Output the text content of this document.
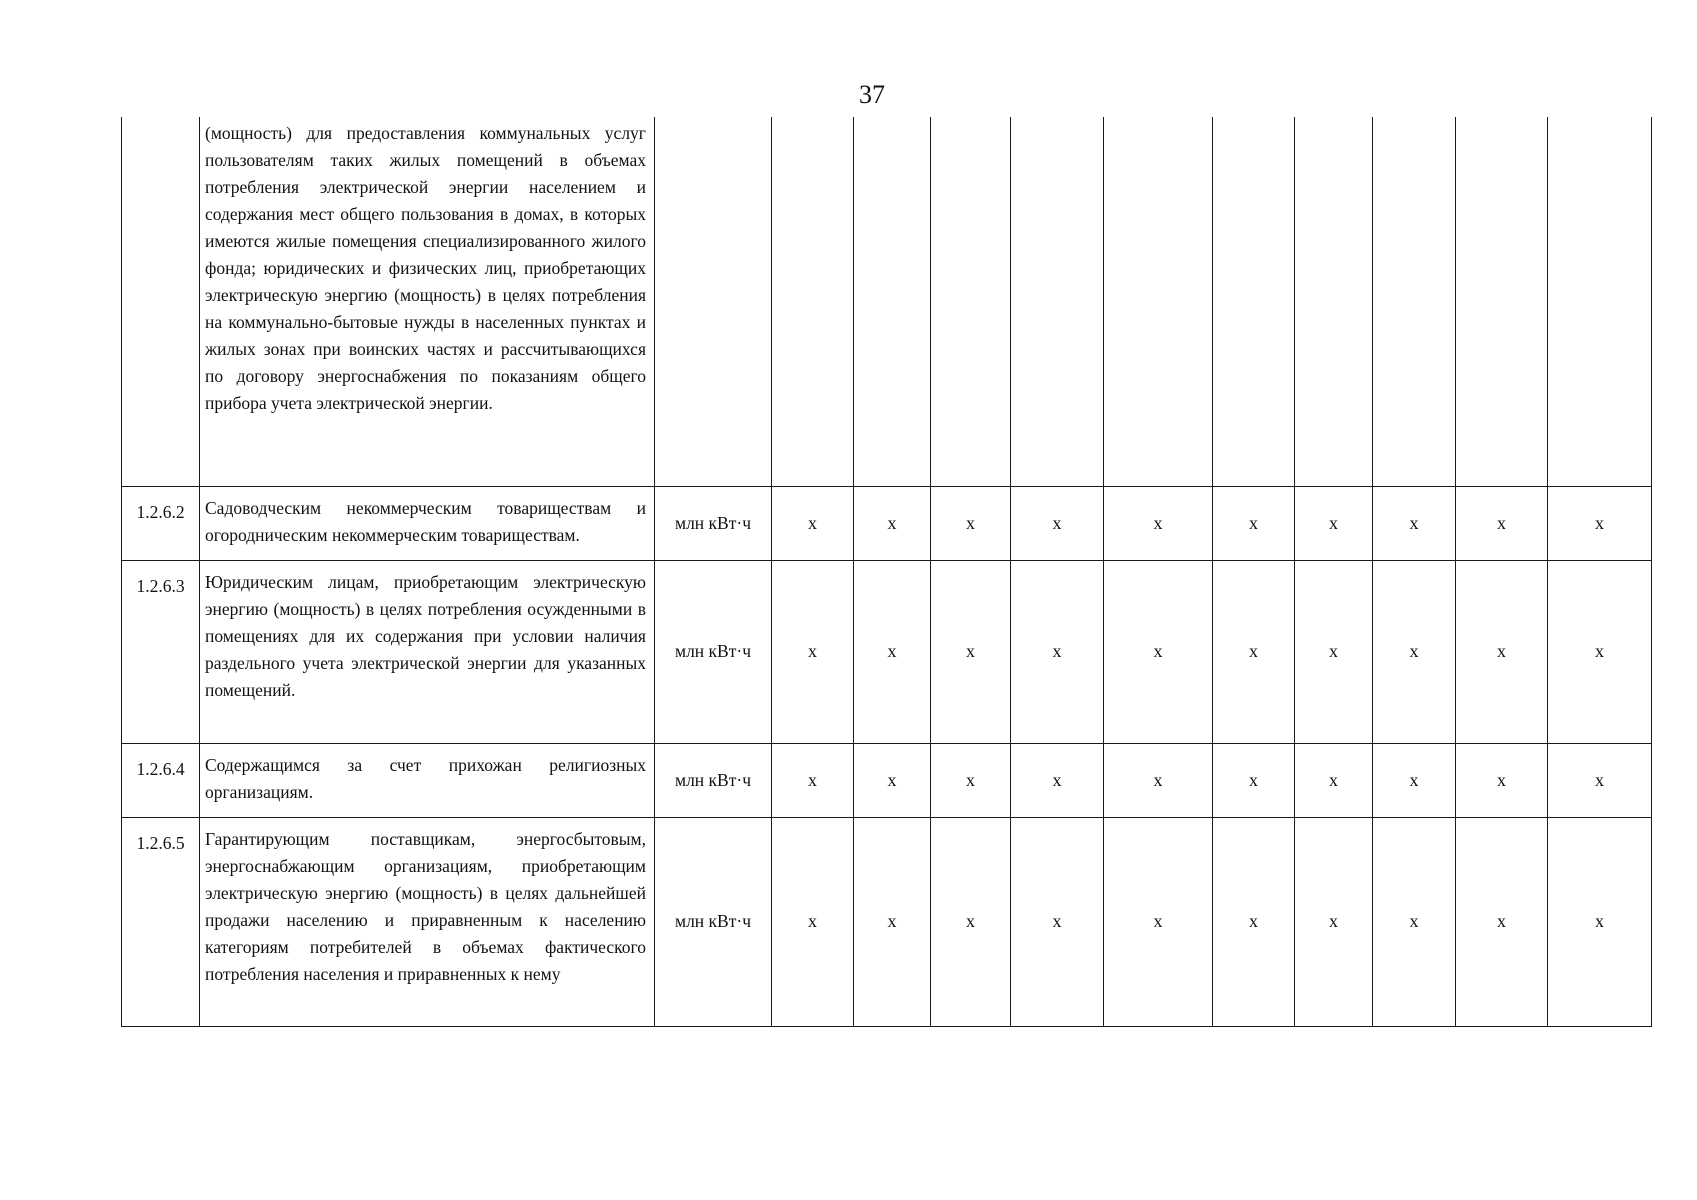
37
	(мощность) для предоставления коммунальных услуг пользователям таких жилых помещений в объемах потребления электрической энергии населением и содержания мест общего пользования в домах, в которых имеются жилые помещения специализированного жилого фонда; юридических и физических лиц, приобретающих электрическую энергию (мощность) в целях потребления на коммунально-бытовые нужды в населенных пунктах и жилых зонах при воинских частях и рассчитывающихся по договору энергоснабжения по показаниям общего прибора учета электрической энергии.											
1.2.6.2	Садоводческим некоммерческим товариществам и огородническим некоммерческим товариществам.	млн кВт·ч	x	x	x	x	x	x	x	x	x	x
1.2.6.3	Юридическим лицам, приобретающим электрическую энергию (мощность) в целях потребления осужденными в помещениях для их содержания при условии наличия раздельного учета электрической энергии для указанных помещений.	млн кВт·ч	x	x	x	x	x	x	x	x	x	x
1.2.6.4	Содержащимся за счет прихожан религиозных организациям.	млн кВт·ч	x	x	x	x	x	x	x	x	x	x
1.2.6.5	Гарантирующим поставщикам, энергосбытовым, энергоснабжающим организациям, приобретающим электрическую энергию (мощность) в целях дальнейшей продажи населению и приравненным к населению категориям потребителей в объемах фактического потребления населения и приравненных к нему	млн кВт·ч	x	x	x	x	x	x	x	x	x	x
